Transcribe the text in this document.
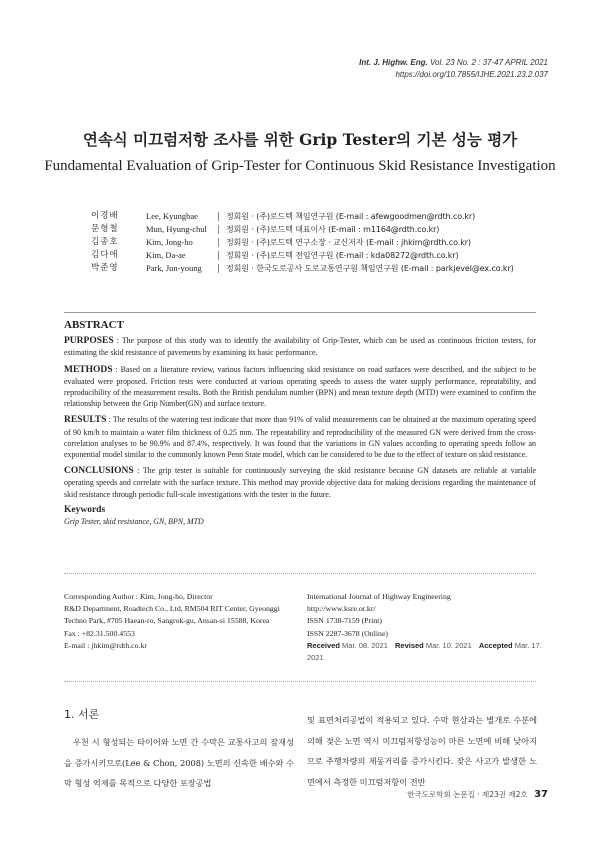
Int. J. Highw. Eng. Vol. 23 No. 2 : 37-47 APRIL 2021
https://doi.org/10.7855/IJHE.2021.23.2.037
연속식 미끄럼저항 조사를 위한 Grip Tester의 기본 성능 평가
Fundamental Evaluation of Grip-Tester for Continuous Skid Resistance Investigation
이경배	Lee, Kyungbae	정회원 · (주)로드텍 책임연구원 (E-mail : afewgoodmen@rdth.co.kr)
문형철	Mun, Hyung-chul	정회원 · (주)로드텍 대표이사 (E-mail : m1164@rdth.co.kr)
김종호	Kim, Jong-ho	정회원 · (주)로드텍 연구소장 · 교신저자 (E-mail : jhkim@rdth.co.kr)
김다애	Kim, Da-ae	정회원 · (주)로드텍 전임연구원 (E-mail : kda08272@rdth.co.kr)
박준영	Park, Jun-young	정회원 · 한국도로공사 도로교통연구원 책임연구원 (E-mail : parkjevel@ex.co.kr)
ABSTRACT

PURPOSES : The purpose of this study was to identify the availability of Grip-Tester, which can be used as continuous friction testers, for estimating the skid resistance of pavements by examining its basic performance.

METHODS : Based on a literature review, various factors influencing skid resistance on road surfaces were described, and the subject to be evaluated were proposed. Friction tests were conducted at various operating speeds to assess the water supply performance, repeatability, and reproducibility of the measurement results. Both the British pendulum number (BPN) and mean texture depth (MTD) were examined to confirm the relationship between the Grip Number(GN) and surface texture.

RESULTS : The results of the watering test indicate that more than 91% of valid measurements can be obtained at the maximum operating speed of 90 km/h to maintain a water film thickness of 0.25 mm. The repeatability and reproducibility of the measured GN were derived from the cross-correlation analyses to be 90.9% and 87.4%, respectively. It was found that the variations in GN values according to operating speeds follow an exponential model similar to the commonly known Penn State model, which can be considered to be due to the effect of texture on skid resistance.

CONCLUSIONS : The grip tester is suitable for continuously surveying the skid resistance because GN datasets are reliable at variable operating speeds and correlate with the surface texture. This method may provide objective data for making decisions regarding the maintenance of skid resistance through periodic full-scale investigations with the tester in the future.

Keywords
Grip Tester, skid resistance, GN, BPN, MTD
Corresponding Author : Kim, Jong-ho, Director
R&D Department, Roadtech Co., Ltd, RM504 RIT Center, Gyeonggi
Techno Park, #705 Haean-ro, Sangrok-gu, Ansan-si 15588, Korea
Fax : +82.31.500.4553
E-mail : jhkim@rdth.co.kr
International Journal of Highway Engineering
http://www.ksre.or.kr/
ISSN 1738-7159 (Print)
ISSN 2287-3678 (Online)
Received Mar. 08. 2021 Revised Mar. 10. 2021 Accepted Mar. 17. 2021
1. 서론
우천 시 형성되는 타이어와 노면 간 수막은 교통사고의 잠재성을 증가시키므로(Lee & Chon, 2008) 노면의 신속한 배수와 수막 형성 억제를 목적으로 다양한 포장공법
및 표면처리공법이 적용되고 있다. 수막 현상과는 별개로 수분에 의해 젖은 노면 역시 미끄럼저항성능이 마른 노면에 비해 낮아지므로 주행차량의 제동거리를 증가시킨다. 잦은 사고가 발생한 노면에서 측정한 미끄럼저항이 전반
한국도로학회 논문집 · 제23권 제2호 37
